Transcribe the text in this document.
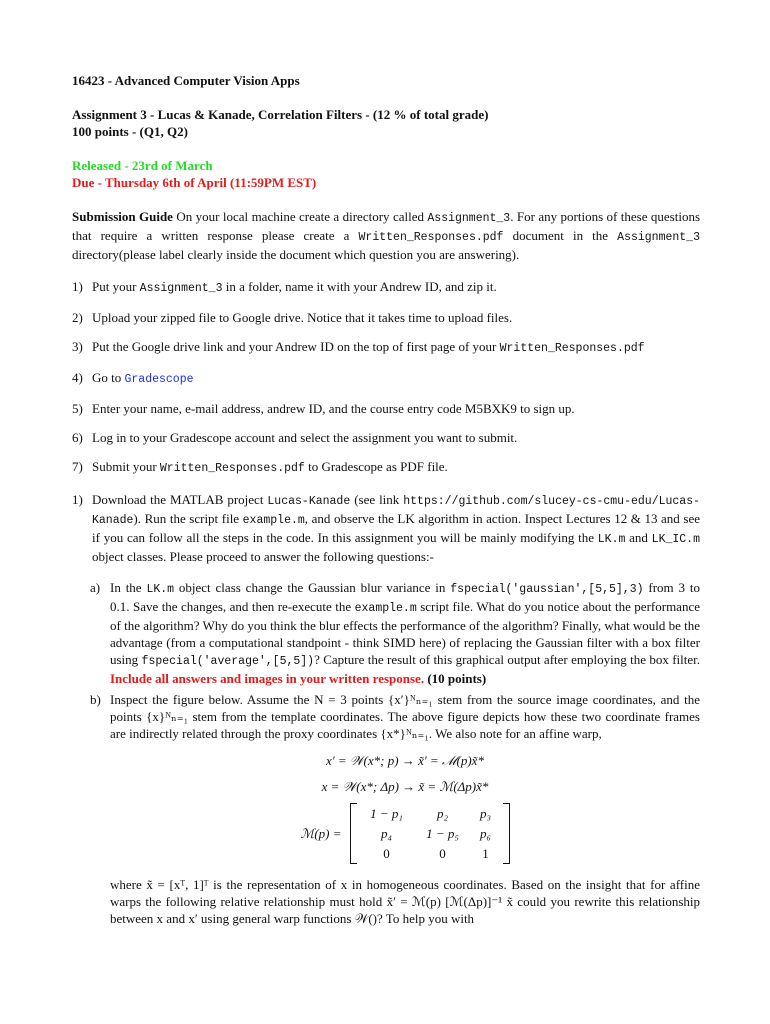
16423 - Advanced Computer Vision Apps

Assignment 3 - Lucas & Kanade, Correlation Filters - (12 % of total grade)

100 points - (Q1, Q2)

Released - 23rd of March

Due - Thursday 6th of April (11:59PM EST)

Submission Guide On your local machine create a directory called Assignment_3. For any portions of these questions that require a written response please create a Written_Responses.pdf document in the Assignment_3 directory(please label clearly inside the document which question you are answering).

1) Put your Assignment_3 in a folder, name it with your Andrew ID, and zip it.
2) Upload your zipped file to Google drive. Notice that it takes time to upload files.
3) Put the Google drive link and your Andrew ID on the top of first page of your Written_Responses.pdf
4) Go to Gradescope
5) Enter your name, e-mail address, andrew ID, and the course entry code M5BXK9 to sign up.
6) Log in to your Gradescope account and select the assignment you want to submit.
7) Submit your Written_Responses.pdf to Gradescope as PDF file.
1) Download the MATLAB project Lucas-Kanade (see link https://github.com/slucey-cs-cmu-edu/Lucas-Kanade). Run the script file example.m, and observe the LK algorithm in action. Inspect Lectures 12 & 13 and see if you can follow all the steps in the code. In this assignment you will be mainly modifying the LK.m and LK_IC.m object classes. Please proceed to answer the following questions:-
a) In the LK.m object class change the Gaussian blur variance in fspecial('gaussian',[5,5],3) from 3 to 0.1. Save the changes, and then re-execute the example.m script file. What do you notice about the performance of the algorithm? Why do you think the blur effects the performance of the algorithm? Finally, what would be the advantage (from a computational standpoint - think SIMD here) of replacing the Gaussian filter with a box filter using fspecial('average',[5,5])? Capture the result of this graphical output after employing the box filter. Include all answers and images in your written response. (10 points)
b) Inspect the figure below. Assume the N = 3 points {x′}ᴺₙ₌₁ stem from the source image coordinates, and the points {x}ᴺₙ₌₁ stem from the template coordinates. The above figure depicts how these two coordinate frames are indirectly related through the proxy coordinates {x*}ᴺₙ₌₁. We also note for an affine warp,

x′ = 𝒲(x*; p) → x̃′ = ℳ(p)x̃*

x = 𝒲(x*; Δp) → x̃ = ℳ(Δp)x̃*

ℳ(p) =
1 − p₁	p₂	p₃
p₄	1 − p₅	p₆
0	0	1

where x̃ = [xᵀ, 1]ᵀ is the representation of x in homogeneous coordinates. Based on the insight that for affine warps the following relative relationship must hold x̃′ = ℳ(p) [ℳ(Δp)]⁻¹ x̃ could you rewrite this relationship between x and x′ using general warp functions 𝒲()? To help you with
